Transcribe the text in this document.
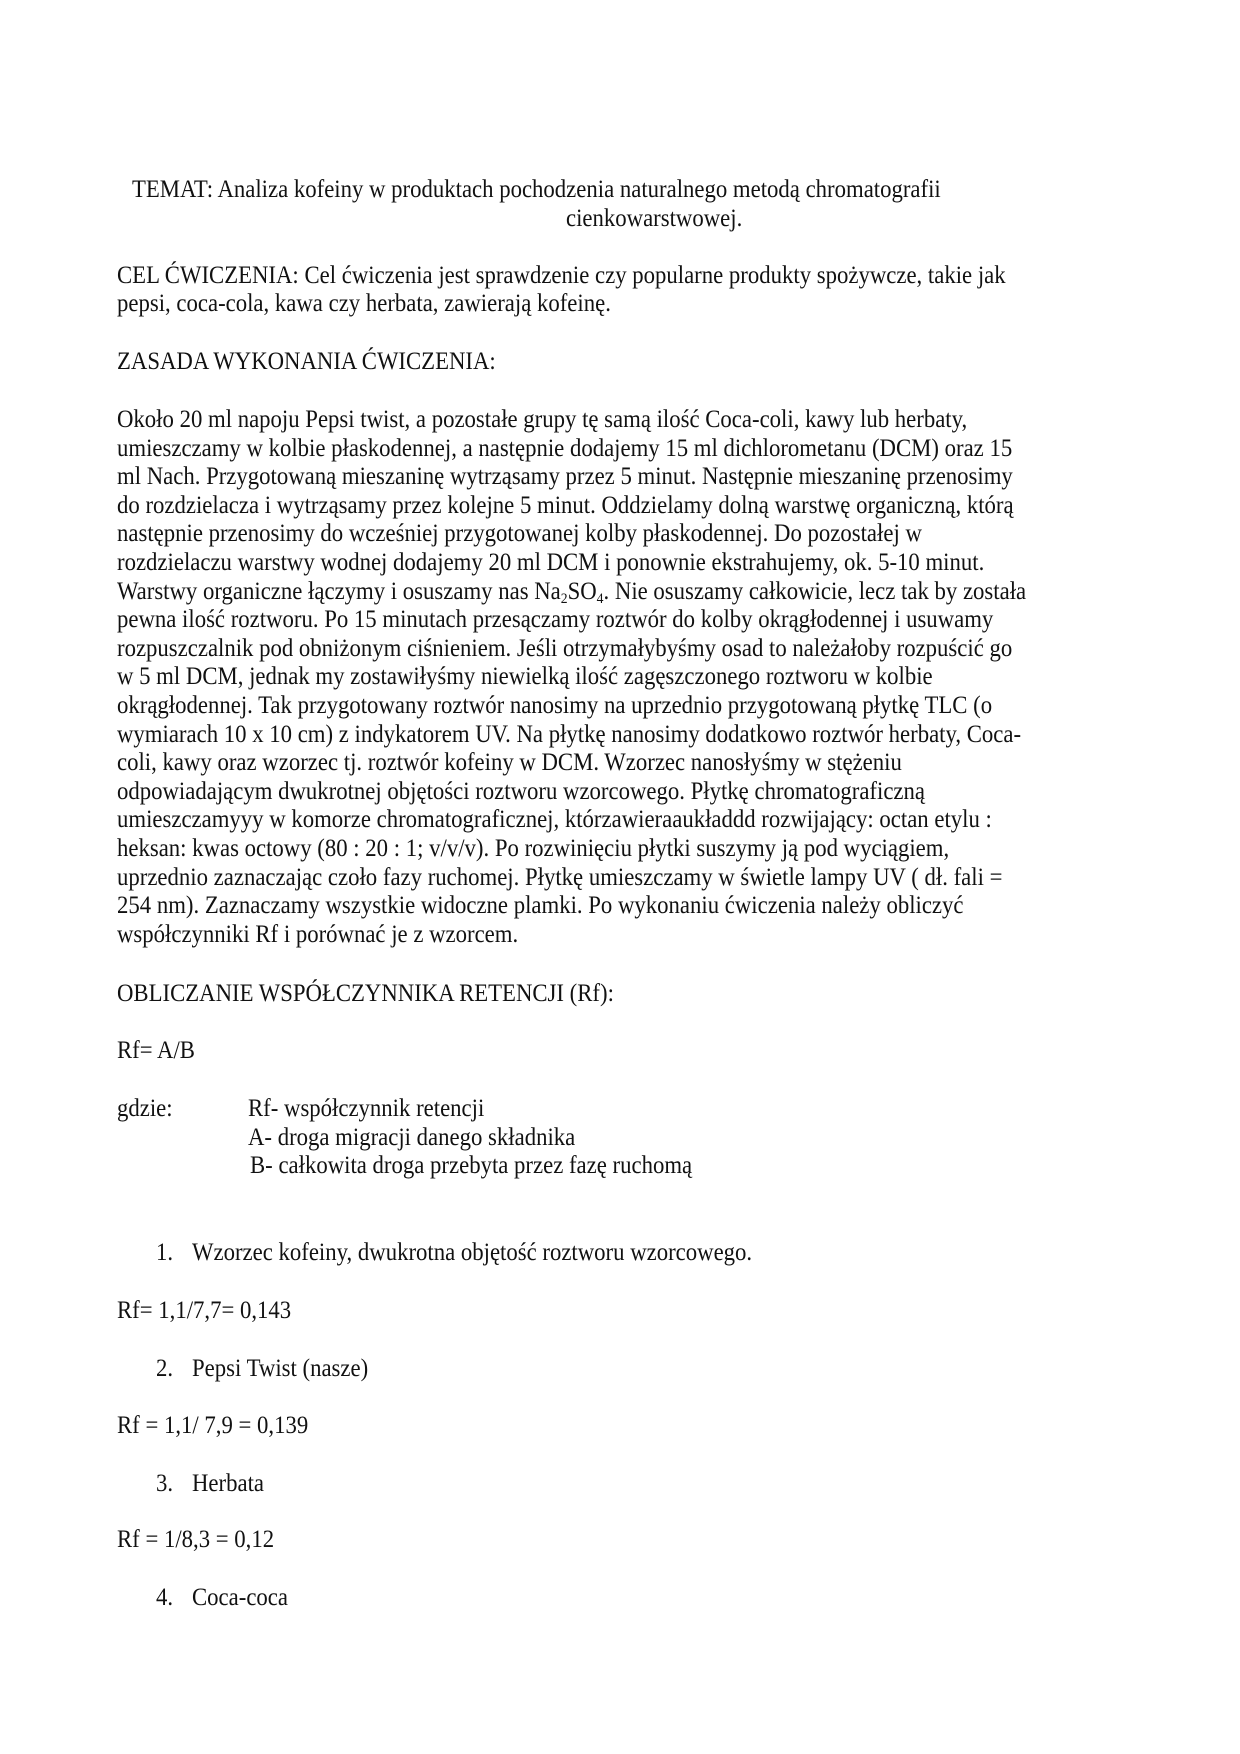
TEMAT: Analiza kofeiny w produktach pochodzenia naturalnego metodą chromatografii
cienkowarstwowej.
CEL ĆWICZENIA: Cel ćwiczenia jest sprawdzenie czy popularne produkty spożywcze, takie jak
pepsi, coca-cola, kawa czy herbata, zawierają kofeinę.
ZASADA WYKONANIA ĆWICZENIA:
Około 20 ml napoju Pepsi twist, a pozostałe grupy tę samą ilość Coca-coli, kawy lub herbaty,
umieszczamy w kolbie płaskodennej, a następnie dodajemy 15 ml dichlorometanu (DCM) oraz 15
ml Nach. Przygotowaną mieszaninę wytrząsamy przez 5 minut. Następnie mieszaninę przenosimy
do rozdzielacza i wytrząsamy przez kolejne 5 minut. Oddzielamy dolną warstwę organiczną, którą
następnie przenosimy do wcześniej przygotowanej kolby płaskodennej. Do pozostałej w
rozdzielaczu warstwy wodnej dodajemy 20 ml DCM i ponownie ekstrahujemy, ok. 5-10 minut.
Warstwy organiczne łączymy i osuszamy nas $Na_2SO_4$. Nie osuszamy całkowicie, lecz tak by została
pewna ilość roztworu. Po 15 minutach przesączamy roztwór do kolby okrągłodennej i usuwamy
rozpuszczalnik pod obniżonym ciśnieniem. Jeśli otrzymałybyśmy osad to należałoby rozpuścić go
w 5 ml DCM, jednak my zostawiłyśmy niewielką ilość zagęszczonego roztworu w kolbie
okrągłodennej. Tak przygotowany roztwór nanosimy na uprzednio przygotowaną płytkę TLC (o
wymiarach 10 x 10 cm) z indykatorem UV. Na płytkę nanosimy dodatkowo roztwór herbaty, Coca-
coli, kawy oraz wzorzec tj. roztwór kofeiny w DCM. Wzorzec nanosłyśmy w stężeniu
odpowiadającym dwukrotnej objętości roztworu wzorcowego. Płytkę chromatograficzną
umieszczamyyy w komorze chromatograficznej, którzawieraaukładdd rozwijający: octan etylu :
heksan: kwas octowy (80 : 20 : 1; v/v/v). Po rozwinięciu płytki suszymy ją pod wyciągiem,
uprzednio zaznaczając czoło fazy ruchomej. Płytkę umieszczamy w świetle lampy UV ( dł. fali =
254 nm). Zaznaczamy wszystkie widoczne plamki. Po wykonaniu ćwiczenia należy obliczyć
współczynniki Rf i porównać je z wzorcem.
OBLICZANIE WSPÓŁCZYNNIKA RETENCJI (Rf):
Rf= A/B
gdzie:	Rf- współczynnik retencji
A- droga migracji danego składnika
B- całkowita droga przebyta przez fazę ruchomą
1. Wzorzec kofeiny, dwukrotna objętość roztworu wzorcowego.
Rf= 1,1/7,7= 0,143
2. Pepsi Twist (nasze)
Rf = 1,1/ 7,9 = 0,139
3. Herbata
Rf = 1/8,3 = 0,12
4. Coca-coca
